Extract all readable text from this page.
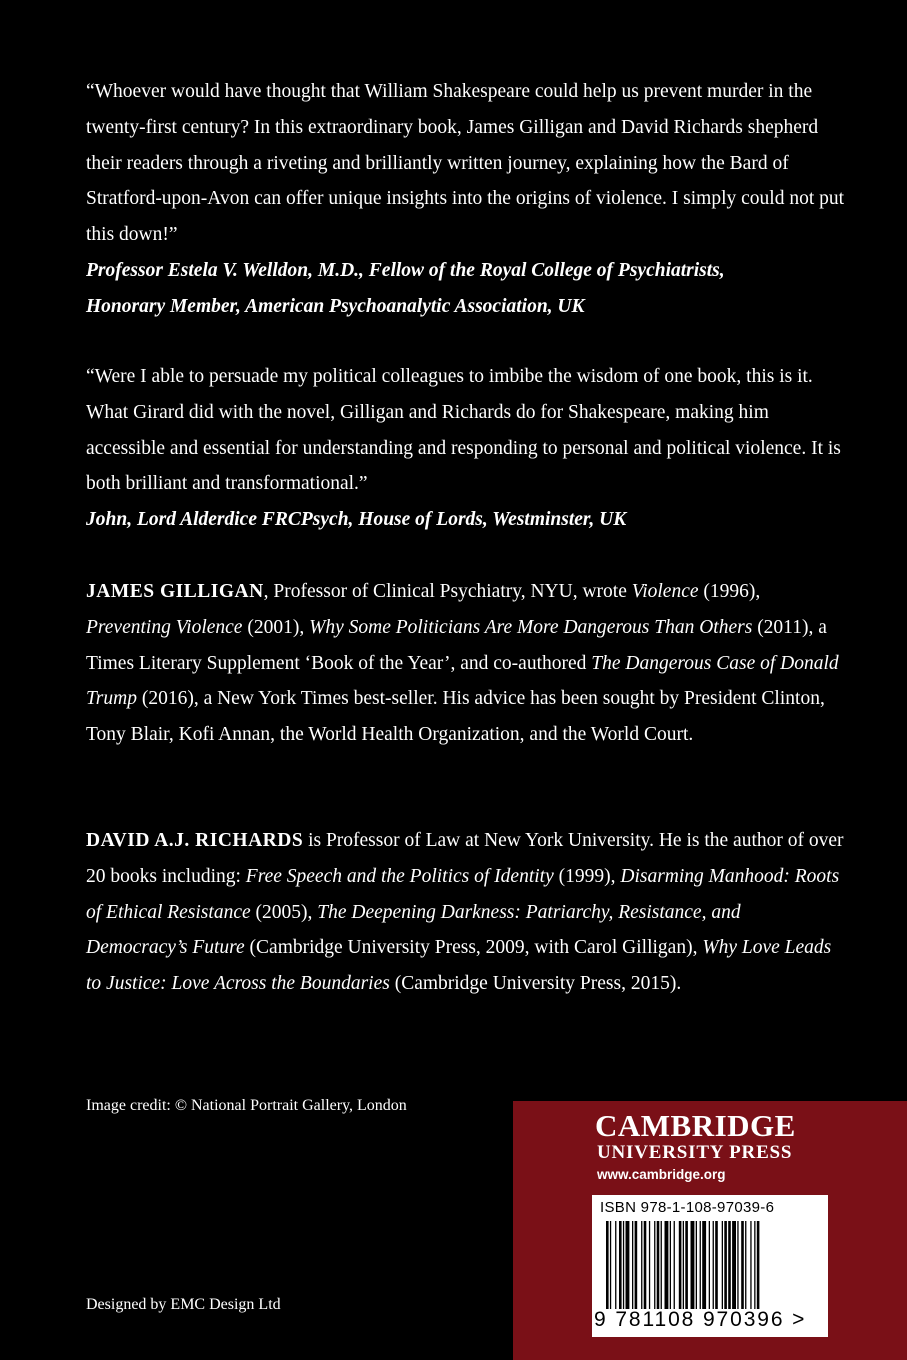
“Whoever would have thought that William Shakespeare could help us prevent murder in the twenty-first century? In this extraordinary book, James Gilligan and David Richards shepherd their readers through a riveting and brilliantly written journey, explaining how the Bard of Stratford-upon-Avon can offer unique insights into the origins of violence. I simply could not put this down!”

Professor Estela V. Welldon, M.D., Fellow of the Royal College of Psychiatrists,

Honorary Member, American Psychoanalytic Association, UK

“Were I able to persuade my political colleagues to imbibe the wisdom of one book, this is it. What Girard did with the novel, Gilligan and Richards do for Shakespeare, making him accessible and essential for understanding and responding to personal and political violence. It is both brilliant and transformational.”

John, Lord Alderdice FRCPsych, House of Lords, Westminster, UK

JAMES GILLIGAN, Professor of Clinical Psychiatry, NYU, wrote Violence (1996), Preventing Violence (2001), Why Some Politicians Are More Dangerous Than Others (2011), a Times Literary Supplement ‘Book of the Year’, and co-authored The Dangerous Case of Donald Trump (2016), a New York Times best-seller. His advice has been sought by President Clinton, Tony Blair, Kofi Annan, the World Health Organization, and the World Court.

DAVID A.J. RICHARDS is Professor of Law at New York University. He is the author of over 20 books including: Free Speech and the Politics of Identity (1999), Disarming Manhood: Roots of Ethical Resistance (2005), The Deepening Darkness: Patriarchy, Resistance, and Democracy’s Future (Cambridge University Press, 2009, with Carol Gilligan), Why Love Leads to Justice: Love Across the Boundaries (Cambridge University Press, 2015).

Image credit: © National Portrait Gallery, London
Designed by EMC Design Ltd
CAMBRIDGE
UNIVERSITY PRESS
www.cambridge.org
ISBN 978-1-108-97039-6
9 781108 970396 >
